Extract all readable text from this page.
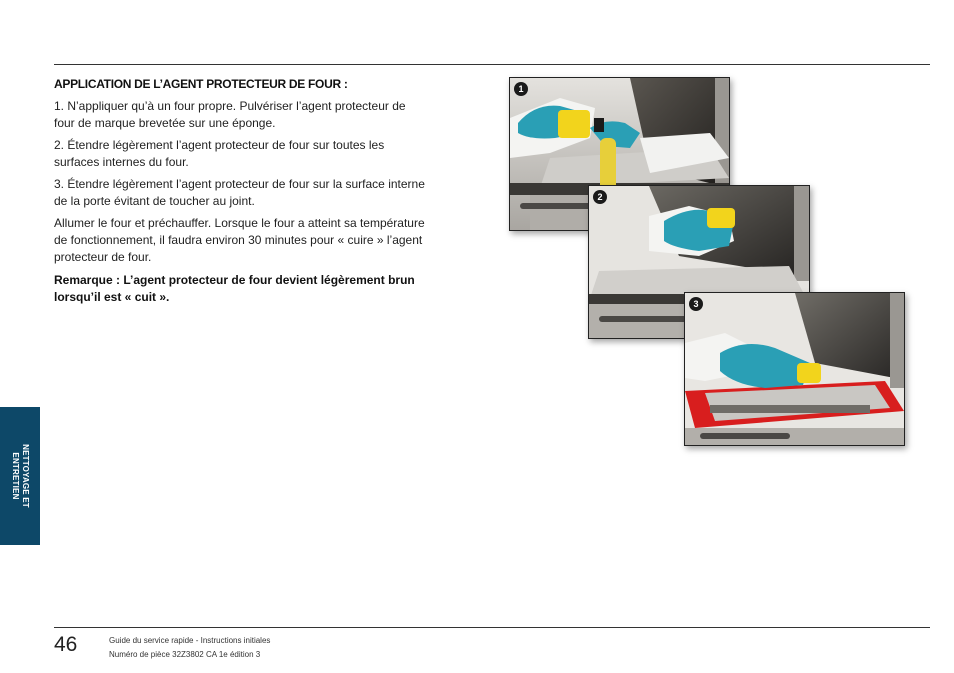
APPLICATION DE L’AGENT PROTECTEUR DE FOUR :

1. N’appliquer qu’à un four propre. Pulvériser l’agent protecteur de four de marque brevetée sur une éponge.

2. Étendre légèrement l’agent protecteur de four sur toutes les surfaces internes du four.

3. Étendre légèrement l’agent protecteur de four sur la surface interne de la porte évitant de toucher au joint.

Allumer le four et préchauffer. Lorsque le four a atteint sa température de fonctionnement, il faudra environ 30 minutes pour « cuire » l’agent protecteur de four.

Remarque : L’agent protecteur de four devient légèrement brun lorsqu’il est « cuit ».

1
2
3
NETTOYAGE ET
ENTRETIEN
46	Guide du service rapide - Instructions initiales
Numéro de pièce 32Z3802 CA 1e édition 3
